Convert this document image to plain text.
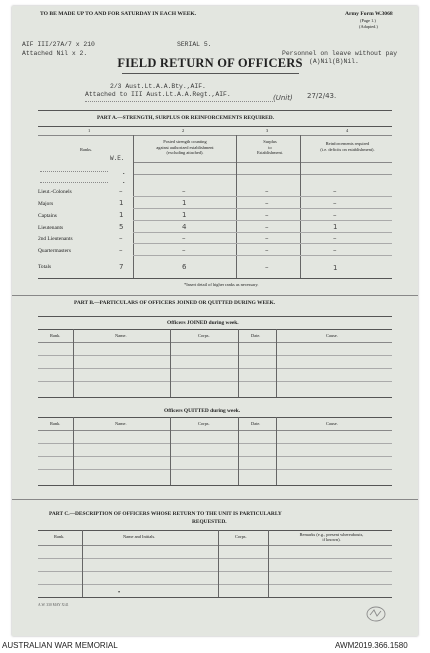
TO BE MADE UP TO AND FOR SATURDAY IN EACH WEEK.	Army Form W.3068
(Page 1.)
(Adapted.)
AIF III/27A/7 x 210
Attached Nil x 2.
SERIAL 5.
Personnel on leave without pay
(A)Nil(B)Nil.
FIELD RETURN OF OFFICERS
2/3 Aust.Lt.A.A.Bty.,AIF.
Attached to III Aust.Lt.A.A.Regt.,AIF.	(Unit) 27/2/43.
PART A.—STRENGTH, SURPLUS OR REINFORCEMENTS REQUIRED.
1	2	3	4
Ranks.
W.E.
Posted strength counting
against authorized establishment
(excluding attached).
Surplus
to
Establishment.
Reinforcements required
(i.e. deficits on establishment).
•
•
Lieut.-Colonels	–	–	–	–
Majors	1	1	–	–
Captains	1	1	–	–
Lieutenants	5	4	–	1
2nd Lieutenants	–	–	–	–
Quartermasters	–	–	–	–
Totals	7	6	–	1
*Insert detail of higher ranks as necessary.
PART B.—PARTICULARS OF OFFICERS JOINED OR QUITTED DURING WEEK.
Officers JOINED during week.
Rank.	Name.	Corps.	Date.	Cause.
Officers QUITTED during week.
Rank.	Name.	Corps.	Date.	Cause.
PART C.—DESCRIPTION OF OFFICERS WHOSE RETURN TO THE UNIT IS PARTICULARLY
REQUESTED.
Rank.	Name and Initials.	Corps.	Remarks (e.g., present whereabouts,
if known).
•
A.W. 330 MAY X/41
AUSTRALIAN WAR MEMORIAL	AWM2019.366.1580
